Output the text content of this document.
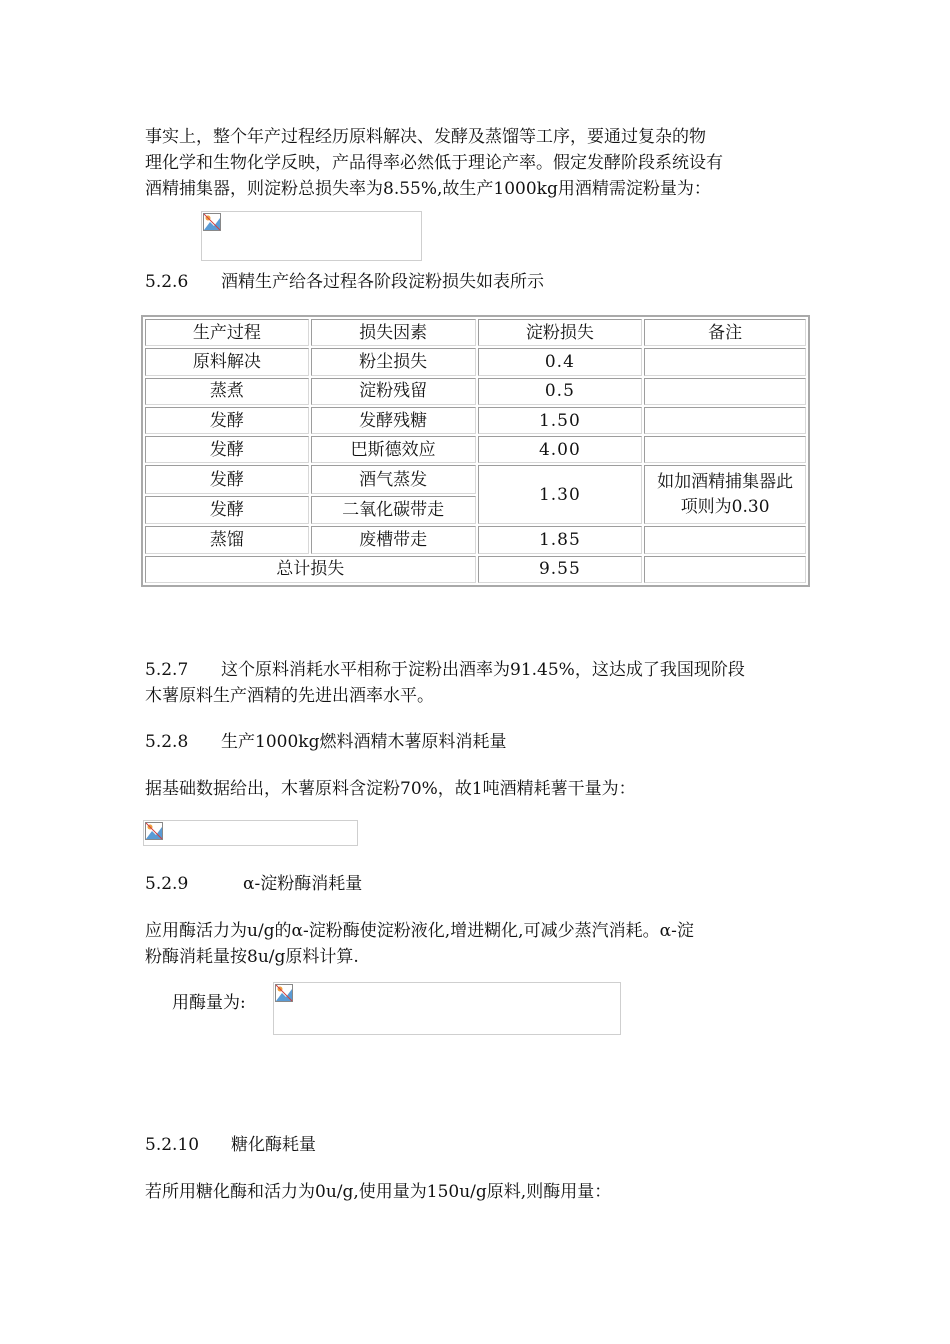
事实上，整个年产过程经历原料解决、发酵及蒸馏等工序，要通过复杂的物
理化学和生物化学反映，产品得率必然低于理论产率。假定发酵阶段系统设有
酒精捕集器，则淀粉总损失率为8.55%,故生产1000kg用酒精需淀粉量为：
5.2.6 酒精生产给各过程各阶段淀粉损失如表所示
生产过程	损失因素	淀粉损失	备注
原料解决	粉尘损失	0.4	
蒸煮	淀粉残留	0.5	
发酵	发酵残糖	1.50	
发酵	巴斯德效应	4.00	
发酵	酒气蒸发	1.30	如加酒精捕集器此
项则为0.30
发酵	二氧化碳带走		
蒸馏	废槽带走	1.85	
总计损失		9.55	
5.2.7 这个原料消耗水平相称于淀粉出酒率为91.45%，这达成了我国现阶段
木薯原料生产酒精的先进出酒率水平。
5.2.8 生产1000kg燃料酒精木薯原料消耗量
据基础数据给出，木薯原料含淀粉70%，故1吨酒精耗薯干量为：
5.2.9	α-淀粉酶消耗量
应用酶活力为u/g的α-淀粉酶使淀粉液化,增进糊化,可减少蒸汽消耗。α-淀
粉酶消耗量按8u/g原料计算.
用酶量为:
5.2.10 糖化酶耗量
若所用糖化酶和活力为0u/g,使用量为150u/g原料,则酶用量：
